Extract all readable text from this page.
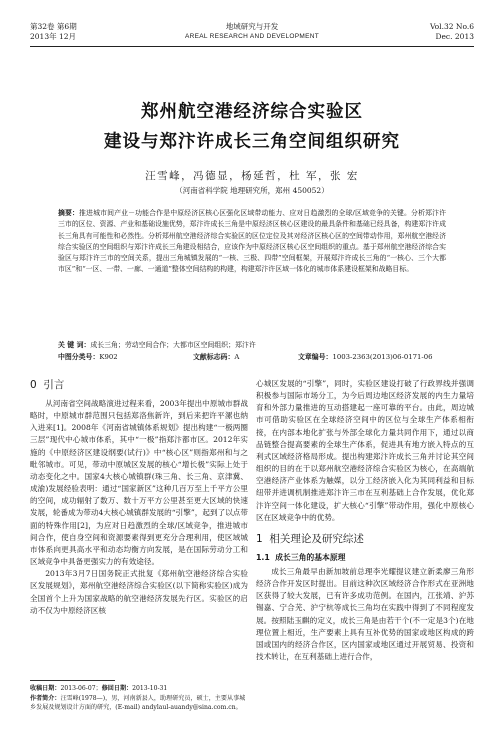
第32卷 第6期
2013年 12月
地域研究与开发
AREAL RESEARCH AND DEVELOPMENT
Vol.32 No.6
Dec. 2013
郑州航空港经济综合实验区
建设与郑汴许成长三角空间组织研究
汪雪峰，冯德显，杨延哲，杜 军，张 宏
（河南省科学院 地理研究所，郑州 450052）
摘要：推进城市间产业－功能合作是中原经济区核心区强化区域带动能力、应对日趋激烈的全球/区域竞争的关键。分析郑汴许三市的区位、资源、产业和基础设施优势，郑汴许成长三角是中原经济区核心区建设的最具条件和基础已经具备，构建郑汴许成长三角具有可能性和必然性。分析郑州航空港经济综合实验区的区位定位及其对经济区核心区的空间带动作用，郑州航空港经济综合实验区的空间组织与郑汴许成长三角建设相结合，应该作为中原经济区核心区空间组织的重点。基于郑州航空港经济综合实验区与郑汴许三市的空间关系，提出三角城镇发展的“一核、三极、四带”空间框架，开展郑汴许成长三角的“一核心、三个大都市区”和“一区、一带、一廊、一通道”整体空间结构的构建，构建郑汴许区域一体化的城市体系建设框架和战略目标。
关 键 词：成长三角；劳动空间合作；大都市区空间组织；郑汴许
中图分类号：K902	文献标志码：A	文章编号：1003-2363(2013)06-0171-06
0 引言

从河南省空间战略演进过程来看，2003年提出中原城市群战略时，中原城市群范围只包括郑洛焦新许，到后来把许平漯也纳入进来[1]。2008年《河南省城镇体系规划》提出构建“一极两圈三层”现代中心城市体系，其中“一极”指郑汴都市区。2012年实施的《中原经济区建设纲要(试行)》中“核心区”则指郑州和与之毗邻城市。可见，带动中原城区发展的核心“增长极”实际上处于动态变化之中。国家4大核心城镇群(珠三角、长三角、京津冀、成渝)发展经验表明：通过“国家新区”这种几百万至上千平方公里的空间，成功辐射了数万、数十万平方公里甚至更大区域的快速发展，轮番成为带动4大核心城镇群发展的“引擎”，起到了以点带面的特殊作用[2]，为应对日趋激烈的全球/区域竞争，推进城市间合作，使自身空间和资源要素得到更充分合理利用，使区域城市体系向更具高水平和动态均衡方向发展，是在国际劳动分工和区域竞争中具备更强实力的有效途径。

2013年3月7日国务院正式批复《郑州航空港经济综合实验区发展规划》，郑州航空港经济综合实验区(以下简称实验区)成为全国首个上升为国家战略的航空港经济发展先行区。实验区的启动不仅为中原经济区核

心城区发展的“引擎”，同时，实验区建设打破了行政界线并强调积极参与国际市场分工，为今后周边地区经济发展的内生力量培育和外部力量推进的互动搭建起一座可靠的平台。由此，周边城市可借助实验区在全球经济空间中的区位与全球生产体系相衔接，在内部本地化扩张与外部全球化力量共同作用下，通过以商品链整合提高要素的全球生产体系，促进具有地方嵌入特点的互利式区域经济格局形成。提出构建郑汴许成长三角并讨论其空间组织的目的在于以郑州航空港经济综合实验区为核心，在高端航空港经济产业体系为触媒，以分工经济嵌入化为其同利益和目标纽带并进调机制推进郑汴许三市在互利基础上合作发展，优化郑汴许空间一体化建设，扩大核心“引擎”带动作用，强化中原核心区在区域竞争中的优势。

1 相关理论及研究综述
1.1 成长三角的基本原理

成长三角最早由新加坡前总理李光耀提议建立新柔廖三角形经济合作开发区时提出。目前这种次区域经济合作形式在亚洲地区获得了较大发展，已有许多成功范例。在国内，江张靖、沪苏锡嘉、宁合芜、沪宁杭等成长三角均在实践中得到了不同程度发展。按照陆玉麒的定义，成长三角是由若干个(不一定是3个)在地理位置上相近，生产要素上具有互补优势的国家或地区构成的跨国或国内的经济合作区，区内国家或地区通过开展贸易、投资和技术转让，在互利基础上进行合作，

收稿日期：2013-06-07；修回日期：2013-10-31
作者简介：汪雪峰(1978—)，男，河南新县人，助理研究员，硕士，主要从事城乡发展及规划设计方面的研究，(E-mail) andylaul-auandy@sina.com.cn。
